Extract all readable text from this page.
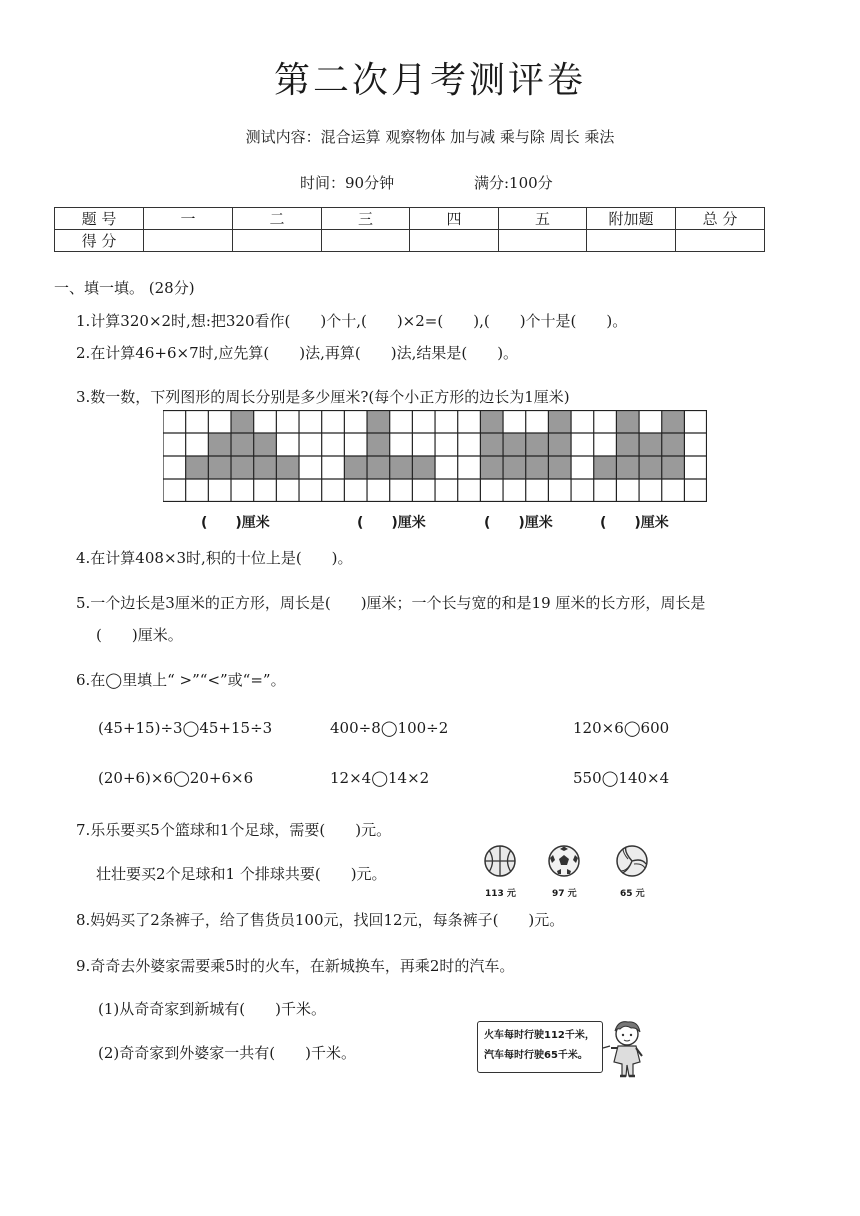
第二次月考测评卷
测试内容：混合运算 观察物体 加与减 乘与除 周长 乘法
时间：90分钟	满分:100分
题 号	一	二	三	四	五	附加题	总 分
得 分							
一、填一填。 (28分)
1.计算320×2时,想:把320看作(　　)个十,(　　)×2=(　　),(　　)个十是(　　)。
2.在计算46+6×7时,应先算(　　)法,再算(　　)法,结果是(　　)。
3.数一数，下列图形的周长分别是多少厘米?(每个小正方形的边长为1厘米)
(　　)厘米	(　　)厘米	(　　)厘米	(　　)厘米
4.在计算408×3时,积的十位上是(　　)。
5.一个边长是3厘米的正方形，周长是(　　)厘米；一个长与宽的和是19 厘米的长方形，周长是
(　　)厘米。
6.在◯里填上“ >”“<”或“=”。
(45+15)÷3◯45+15÷3	400÷8◯100÷2	120×6◯600
(20+6)×6◯20+6×6	12×4◯14×2	550◯140×4
7.乐乐要买5个篮球和1个足球，需要(　　)元。
壮壮要买2个足球和1 个排球共要(　　)元。
113 元	97 元	65 元
8.妈妈买了2条裤子，给了售货员100元，找回12元，每条裤子(　　)元。
9.奇奇去外婆家需要乘5时的火车，在新城换车，再乘2时的汽车。
(1)从奇奇家到新城有(　　)千米。
(2)奇奇家到外婆家一共有(　　)千米。
火车每时行驶112千米，
汽车每时行驶65千米。
